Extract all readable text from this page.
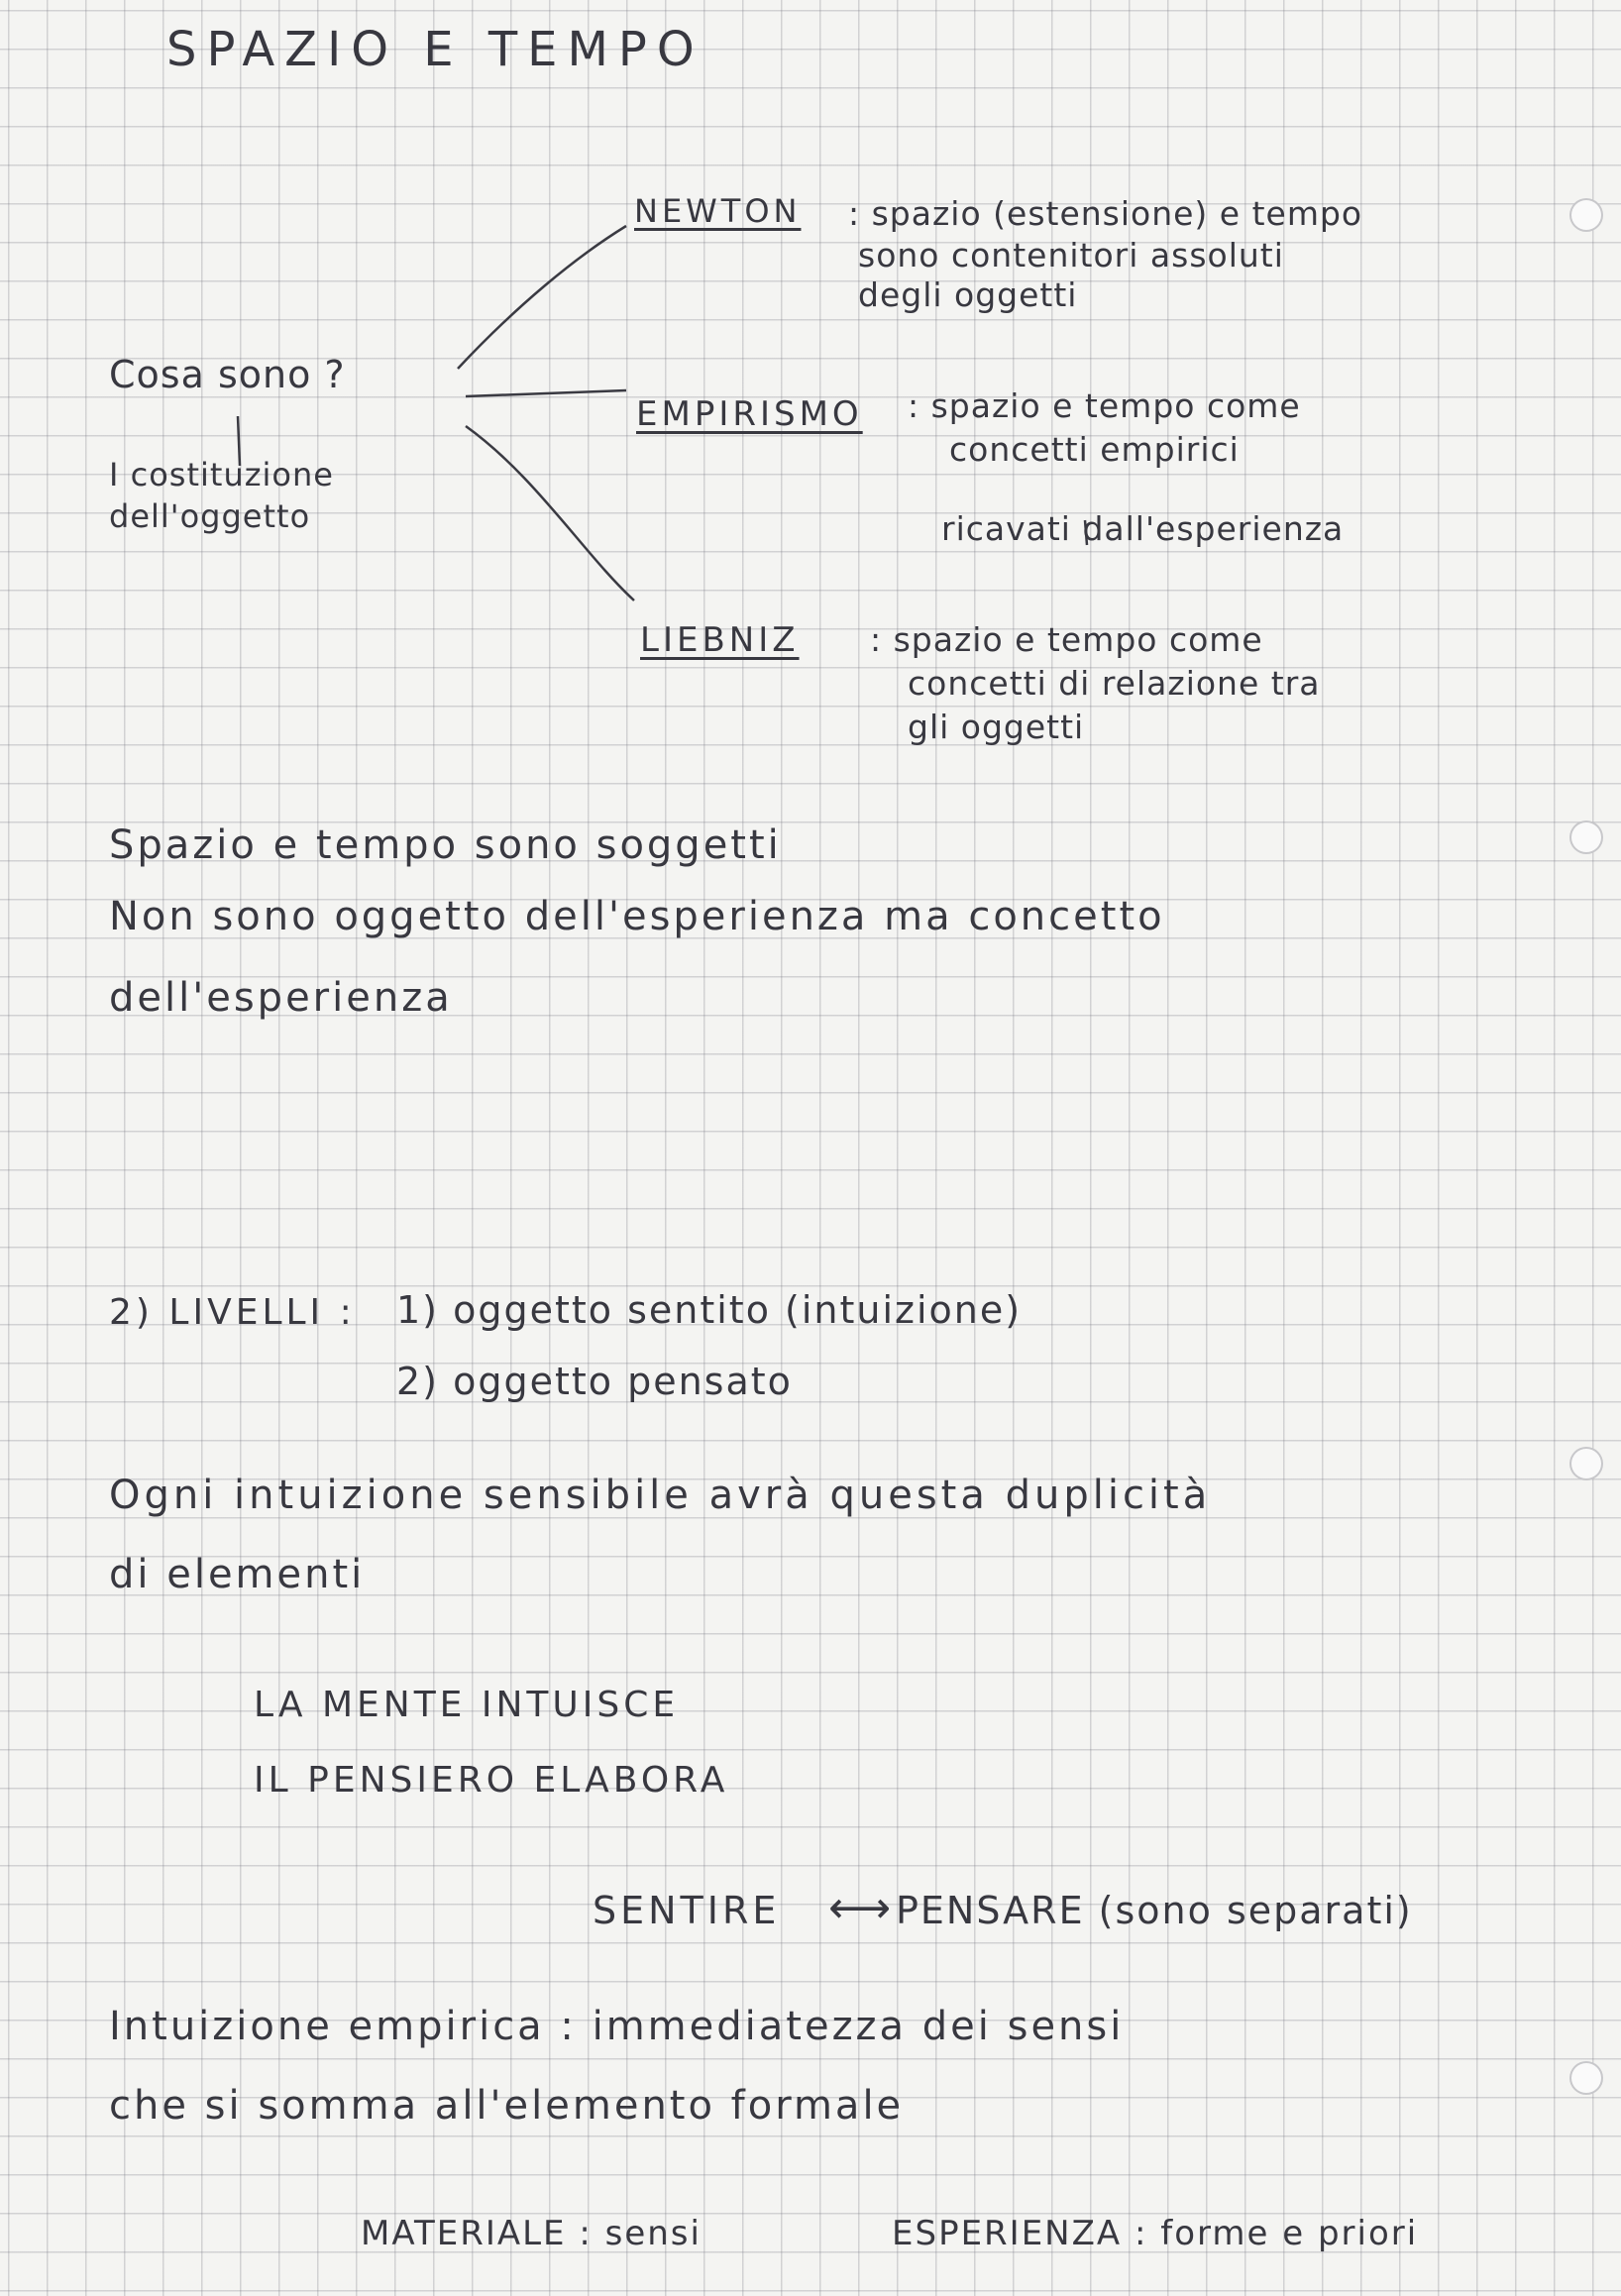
SPAZIO E TEMPO
Cosa sono ?
I costituzione
dell'oggetto
NEWTON : spazio (estensione) e tempo
sono contenitori assoluti
degli oggetti
EMPIRISMO : spazio e tempo come
concetti empirici
ricavati dall'esperienza
LIEBNIZ : spazio e tempo come
concetti di relazione tra
gli oggetti
Spazio e tempo sono soggetti
Non sono oggetto dell'esperienza ma concetto
dell'esperienza
2) LIVELLI : 1) oggetto sentito (intuizione)
2) oggetto pensato
Ogni intuizione sensibile avrà questa duplicità
di elementi
LA MENTE INTUISCE
IL PENSIERO ELABORA
SENTIRE ⟷ PENSARE (sono separati)
Intuizione empirica : immediatezza dei sensi
che si somma all'elemento formale
MATERIALE : sensi	ESPERIENZA : forme e priori
